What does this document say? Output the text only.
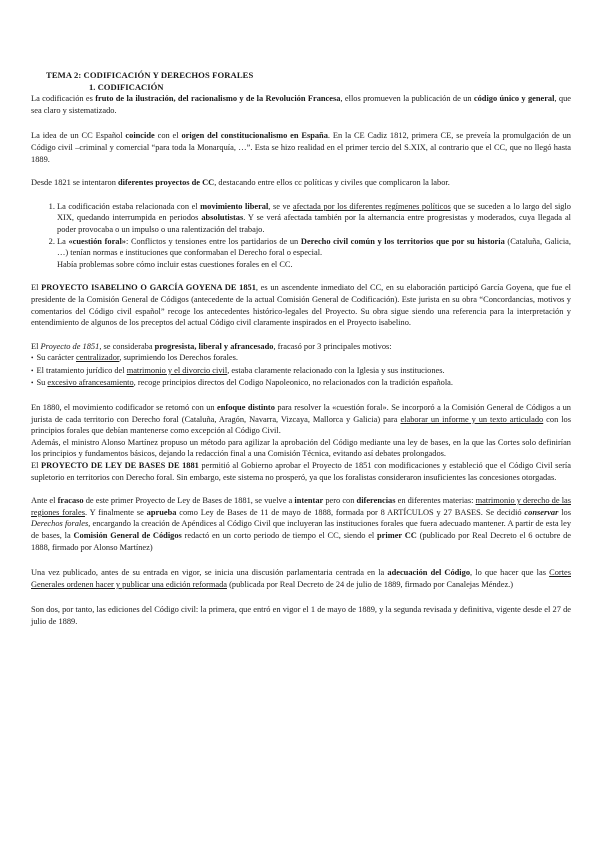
TEMA 2: CODIFICACIÓN Y DERECHOS FORALES
1. CODIFICACIÓN

La codificación es fruto de la ilustración, del racionalismo y de la Revolución Francesa, ellos promueven la publicación de un código único y general, que sea claro y sistematizado.

La idea de un CC Español coincide con el origen del constitucionalismo en España. En la CE Cadiz 1812, primera CE, se preveía la promulgación de un Código civil –criminal y comercial “para toda la Monarquía, …”. Esta se hizo realidad en el primer tercio del S.XIX, al contrario que el CC, que no llegó hasta 1889.

Desde 1821 se intentaron diferentes proyectos de CC, destacando entre ellos cc políticas y civiles que complicaron la labor.

1. La codificación estaba relacionada con el movimiento liberal, se ve afectada por los diferentes regímenes políticos que se suceden a lo largo del siglo XIX, quedando interrumpida en periodos absolutistas. Y se verá afectada también por la alternancia entre progresistas y moderados, cuya llegada al poder provocaba o un impulso o una ralentización del trabajo.
2. La «cuestión foral»: Conflictos y tensiones entre los partidarios de un Derecho civil común y los territorios que por su historia (Cataluña, Galicia, …) tenían normas e instituciones que conformaban el Derecho foral o especial.
Había problemas sobre cómo incluir estas cuestiones forales en el CC.

El PROYECTO ISABELINO O GARCÍA GOYENA DE 1851, es un ascendente inmediato del CC, en su elaboración participó García Goyena, que fue el presidente de la Comisión General de Códigos (antecedente de la actual Comisión General de Codificación). Este jurista en su obra “Concordancias, motivos y comentarios del Código civil español” recoge los antecedentes histórico-legales del Proyecto. Su obra sigue siendo una referencia para la interpretación y entendimiento de algunos de los preceptos del actual Código civil claramente inspirados en el Proyecto isabelino.

El Proyecto de 1851, se consideraba progresista, liberal y afrancesado, fracasó por 3 principales motivos:

• Su carácter centralizador, suprimiendo los Derechos forales.
• El tratamiento jurídico del matrimonio y el divorcio civil, estaba claramente relacionado con la Iglesia y sus instituciones.
• Su excesivo afrancesamiento, recoge principios directos del Codigo Napoleonico, no relacionados con la tradición española.

En 1880, el movimiento codificador se retomó con un enfoque distinto para resolver la «cuestión foral». Se incorporó a la Comisión General de Códigos a un jurista de cada territorio con Derecho foral (Cataluña, Aragón, Navarra, Vizcaya, Mallorca y Galicia) para elaborar un informe y un texto articulado con los principios forales que debían mantenerse como excepción al Código Civil.

Además, el ministro Alonso Martínez propuso un método para agilizar la aprobación del Código mediante una ley de bases, en la que las Cortes solo definirían los principios y fundamentos básicos, dejando la redacción final a una Comisión Técnica, evitando así debates prolongados.

El PROYECTO DE LEY DE BASES DE 1881 permitió al Gobierno aprobar el Proyecto de 1851 con modificaciones y estableció que el Código Civil sería supletorio en territorios con Derecho foral. Sin embargo, este sistema no prosperó, ya que los foralistas consideraron insuficientes las concesiones otorgadas.

Ante el fracaso de este primer Proyecto de Ley de Bases de 1881, se vuelve a intentar pero con diferencias en diferentes materias: matrimonio y derecho de las regiones forales. Y finalmente se aprueba como Ley de Bases de 11 de mayo de 1888, formada por 8 ARTÍCULOS y 27 BASES. Se decidió conservar los Derechos forales, encargando la creación de Apéndices al Código Civil que incluyeran las instituciones forales que fuera adecuado mantener. A partir de esta ley de bases, la Comisión General de Códigos redactó en un corto periodo de tiempo el CC, siendo el primer CC (publicado por Real Decreto el 6 octubre de 1888, firmado por Alonso Martínez)

Una vez publicado, antes de su entrada en vigor, se inicia una discusión parlamentaria centrada en la adecuación del Código, lo que hacer que las Cortes Generales ordenen hacer y publicar una edición reformada (publicada por Real Decreto de 24 de julio de 1889, firmado por Canalejas Méndez.)

Son dos, por tanto, las ediciones del Código civil: la primera, que entró en vigor el 1 de mayo de 1889, y la segunda revisada y definitiva, vigente desde el 27 de julio de 1889.
